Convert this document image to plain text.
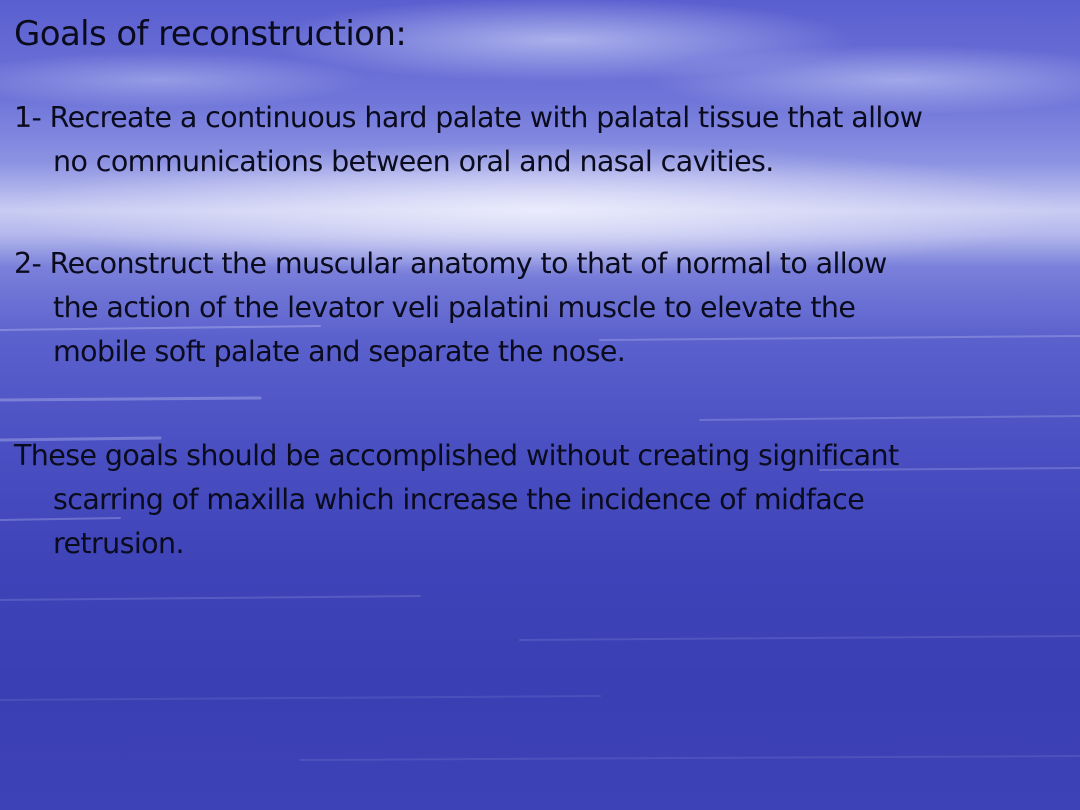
Goals of reconstruction:

1- Recreate a continuous hard palate with palatal tissue that allow
no communications between oral and nasal cavities.

2- Reconstruct the muscular anatomy to that of normal to allow
the action of the levator veli palatini muscle to elevate the
mobile soft palate and separate the nose.

These goals should be accomplished without creating significant
scarring of maxilla which increase the incidence of midface
retrusion.
